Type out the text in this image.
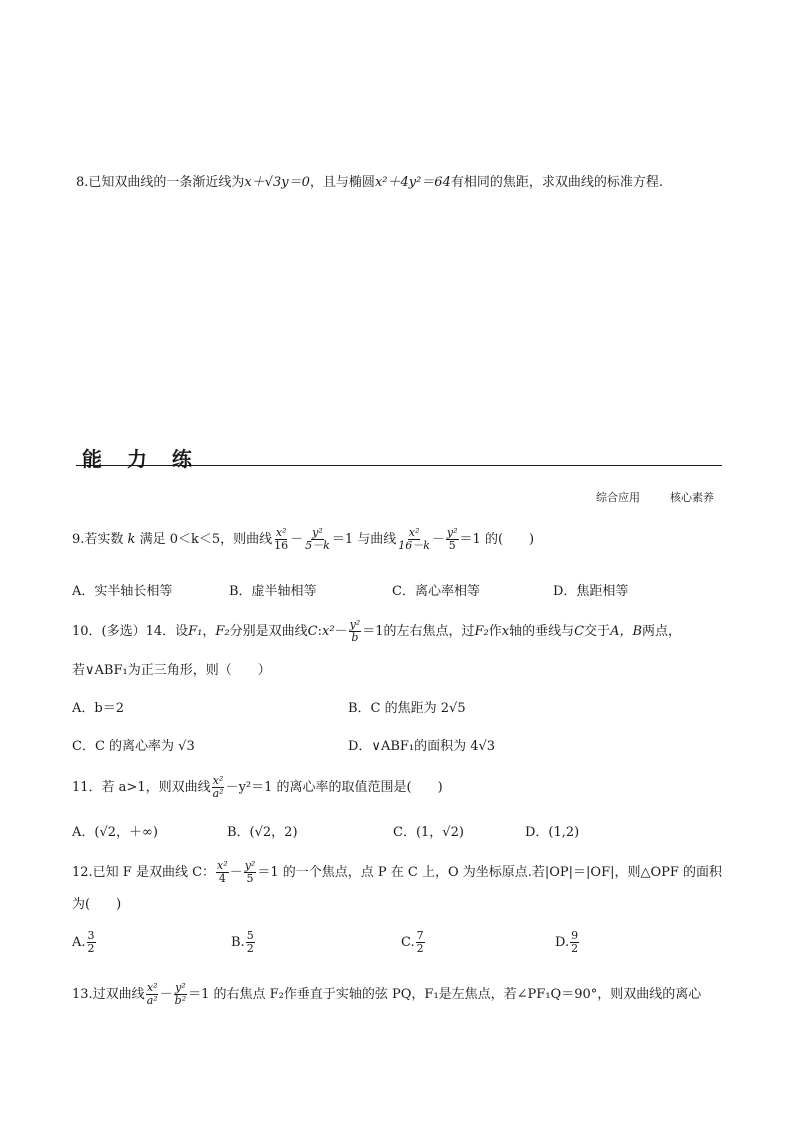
8.已知双曲线的一条渐近线为x＋√3y＝0，且与椭圆x²＋4y²＝64有相同的焦距，求双曲线的标准方程.
能 力 练
综合应用	核心素养
9.若实数 k 满足 0＜k＜5，则曲线 $\frac{\text{x²}}{16} - \frac{\text{y²}}{5-k} =1$ 与曲线 $\frac{\text{x²}}{16-k} - \frac{\text{y²}}{5} =1$ 的(　　)
A．实半轴长相等	B．虚半轴相等	C．离心率相等	D．焦距相等
10．(多选）14．设F₁，F₂分别是双曲线C:x²－ $\frac{\text{y²}}{b} =1$的左右焦点，过F₂作x轴的垂线与C交于A，B两点，
若∨ABF₁为正三角形，则（　　）
A．b＝2	B．C 的焦距为 2√5
C．C 的离心率为 √3	D．∨ABF₁的面积为 4√3
11．若 a>1，则双曲线 $\frac{\text{x²}}{\text{a²}} -y^2=1$ 的离心率的取值范围是(　　)
A．(√2，＋∞)	B．(√2，2)	C．(1，√2)	D．(1,2)
12.已知 F 是双曲线 C： $\frac{\text{x²}}{4} - \frac{\text{y²}}{5} =1$ 的一个焦点，点 P 在 C 上，O 为坐标原点.若|OP|＝|OF|，则△OPF 的面积
为(　　)
A. $\frac{3}{2}$	B. $\frac{5}{2}$	C. $\frac{7}{2}$	D. $\frac{9}{2}$
13.过双曲线 $\frac{\text{x²}}{\text{a²}} - \frac{\text{y²}}{\text{b²}} =1$ 的右焦点 F₂作垂直于实轴的弦 PQ，F₁是左焦点，若∠PF₁Q＝90°，则双曲线的离心
